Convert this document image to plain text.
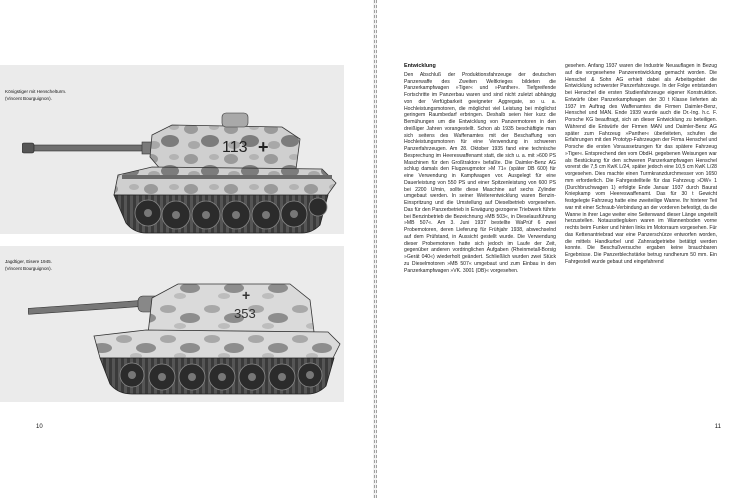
Königstiger mit Henschelturm.
(Vincent Bourguignon).
113 +
Jagdtiger, Eisere 1945.
(Vincent Bourguignon).
353
+
10

Entwicklung

Den Abschluß der Produktionsfahrzeuge der deutschen Panzerwaffe des Zweiten Weltkrieges bildeten die Panzerkampfwagen »Tiger« und »Panther«. Tiefgreifende Fortschritte im Panzerbau waren und sind nicht zuletzt abhängig von der Verfügbarkeit geeigneter Aggregate, so u. a. Hochleistungsmotoren, die möglichst viel Leistung bei möglichst geringem Raumbedarf erbringen. Deshalb seien hier kurz die Bemühungen um die Entwicklung von Panzermotoren in den dreißiger Jahren vorangestellt. Schon ab 1935 beschäftigte man sich seitens des Waffenamtes mit der Beschaffung von Hochleistungsmotoren für eine Verwendung in schweren Panzerfahrzeugen. Am 28. Oktober 1935 fand eine technische Besprechung im Heereswaffenamt statt, die sich u. a. mit »600 PS Maschinen für den Großtraktor« befaßte. Die Daimler-Benz AG schlug damals den Flugzeugmotor »M 71« (später DB 600) für eine Verwendung in Kampfwagen vor. Ausgelegt für eine Dauerleistung von 550 PS und einer Spitzenleistung von 600 PS bei 2200 U/min, sollte diese Maschine auf sechs Zylinder umgebaut werden. In seiner Weiterentwicklung waren Benzin-Einspritzung und die Umstellung auf Dieselbetrieb vorgesehen. Das für den Panzerbetrieb in Erwägung gezogene Triebwerk führte bei Benzinbetrieb die Bezeichnung »MB 503«, in Dieselausführung »MB 507«. Am 3. Juni 1937 bestellte WaPrüf 6 zwei Probemotoren, deren Lieferung für Frühjahr 1938, abwechselnd auf dem Prüfstand, in Aussicht gestellt wurde. Die Verwendung dieser Probemotoren hatte sich jedoch im Laufe der Zeit, gegenüber anderen vordringlichen Aufgaben (Rheinmetall-Borsig »Gerät 040«) wiederholt geändert. Schließlich wurden zwei Stück zu Dieselmotoren »MB 507« umgebaut und zum Einbau in den Panzerkampfwagen »VK. 3001 (DB)« vorgesehen.

gesehen. Anfang 1937 waren die Industrie Neuauflagen in Bezug auf die vorgesehene Panzerentwicklung gemacht worden. Die Henschel & Sohn AG erhielt dabei als Arbeitsgebiet die Entwicklung schwerster Panzerfahrzeuge. In der Folge entstanden bei Henschel die ersten Studienfahrzeuge eigener Konstruktion. Entwürfe über Panzerkampfwagen der 30 t Klasse lieferten ab 1937 im Auftrag des Waffenamtes die Firmen Daimler-Benz, Henschel und MAN. Ende 1939 wurde auch die Dr.-Ing. h.c. F. Porsche KG beauftragt, sich an dieser Entwicklung zu beteiligen. Während die Entwürfe der Firmen MAN und Daimler-Benz AG später zum Fahrzeug »Panther« überleiteten, schufen die Erfahrungen mit den Prototyp-Fahrzeugen der Firma Henschel und Porsche die ersten Voraussetzungen für das spätere Fahrzeug »Tiger«. Entsprechend den vom ObdH. gegebenen Weisungen war als Bestückung für den schweren Panzerkampfwagen Henschel vorerst die 7,5 cm KwK L/24, später jedoch eine 10,5 cm KwK L/28 vorgesehen. Dies machte einen Turmkranzdurchmesser von 1650 mm erforderlich. Die Fahrgestellteile für das Fahrzeug »DW« 1 (Durchbruchwagen 1) erfolgte Ende Januar 1937 durch Baurat Kniepkamp vom Heereswaffenamt. Das für 30 t Gewicht festgelegte Fahrzeug hatte eine zweiteilige Wanne. Ihr hinterer Teil war mit einer Schraub-Verbindung an der vorderen befestigt, da die Wanne in ihrer Lage weiter eine Seitenwand dieser Länge ungeteilt herzustellen. Notausstiegluken waren im Wannenboden vorne rechts beim Funker und hinten links im Motorraum vorgesehen. Für das Kettenantriebrad war eine Panzerschürze entworfen worden, die mittels Handkurbel und Zahnradgetriebe betätigt werden konnte. Die Beschußversuche ergaben keine brauchbaren Ergebnisse. Die Panzerblechstärke betrug rundherum 50 mm. Ein Fahrgestell wurde gebaut und eingefahrend

11
